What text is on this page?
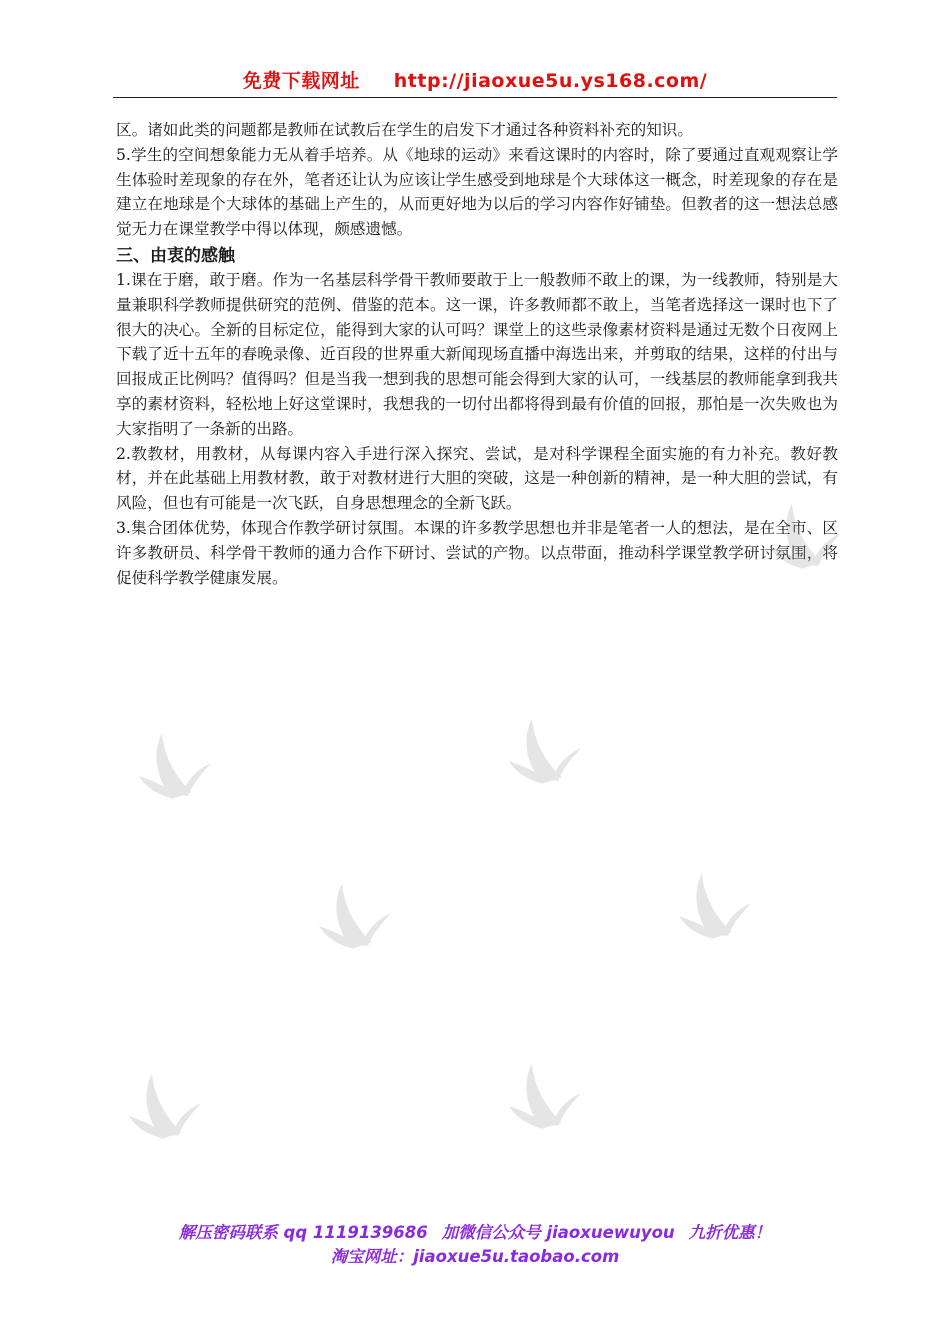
免费下载网址 http://jiaoxue5u.ys168.com/

区。诸如此类的问题都是教师在试教后在学生的启发下才通过各种资料补充的知识。

5.学生的空间想象能力无从着手培养。从《地球的运动》来看这课时的内容时，除了要通过直观观察让学生体验时差现象的存在外，笔者还让认为应该让学生感受到地球是个大球体这一概念，时差现象的存在是建立在地球是个大球体的基础上产生的，从而更好地为以后的学习内容作好铺垫。但教者的这一想法总感觉无力在课堂教学中得以体现，颇感遗憾。

三、由衷的感触

1.课在于磨，敢于磨。作为一名基层科学骨干教师要敢于上一般教师不敢上的课，为一线教师，特别是大量兼职科学教师提供研究的范例、借鉴的范本。这一课，许多教师都不敢上，当笔者选择这一课时也下了很大的决心。全新的目标定位，能得到大家的认可吗？课堂上的这些录像素材资料是通过无数个日夜网上下载了近十五年的春晚录像、近百段的世界重大新闻现场直播中海选出来，并剪取的结果，这样的付出与回报成正比例吗？值得吗？但是当我一想到我的思想可能会得到大家的认可，一线基层的教师能拿到我共享的素材资料，轻松地上好这堂课时，我想我的一切付出都将得到最有价值的回报，那怕是一次失败也为大家指明了一条新的出路。

2.教教材，用教材，从每课内容入手进行深入探究、尝试，是对科学课程全面实施的有力补充。教好教材，并在此基础上用教材教，敢于对教材进行大胆的突破，这是一种创新的精神，是一种大胆的尝试，有风险，但也有可能是一次飞跃，自身思想理念的全新飞跃。

3.集合团体优势，体现合作教学研讨氛围。本课的许多教学思想也并非是笔者一人的想法，是在全市、区许多教研员、科学骨干教师的通力合作下研讨、尝试的产物。以点带面，推动科学课堂教学研讨氛围，将促使科学教学健康发展。

解压密码联系 qq 1119139686 加微信公众号 jiaoxuewuyou 九折优惠！
淘宝网址：jiaoxue5u.taobao.com
